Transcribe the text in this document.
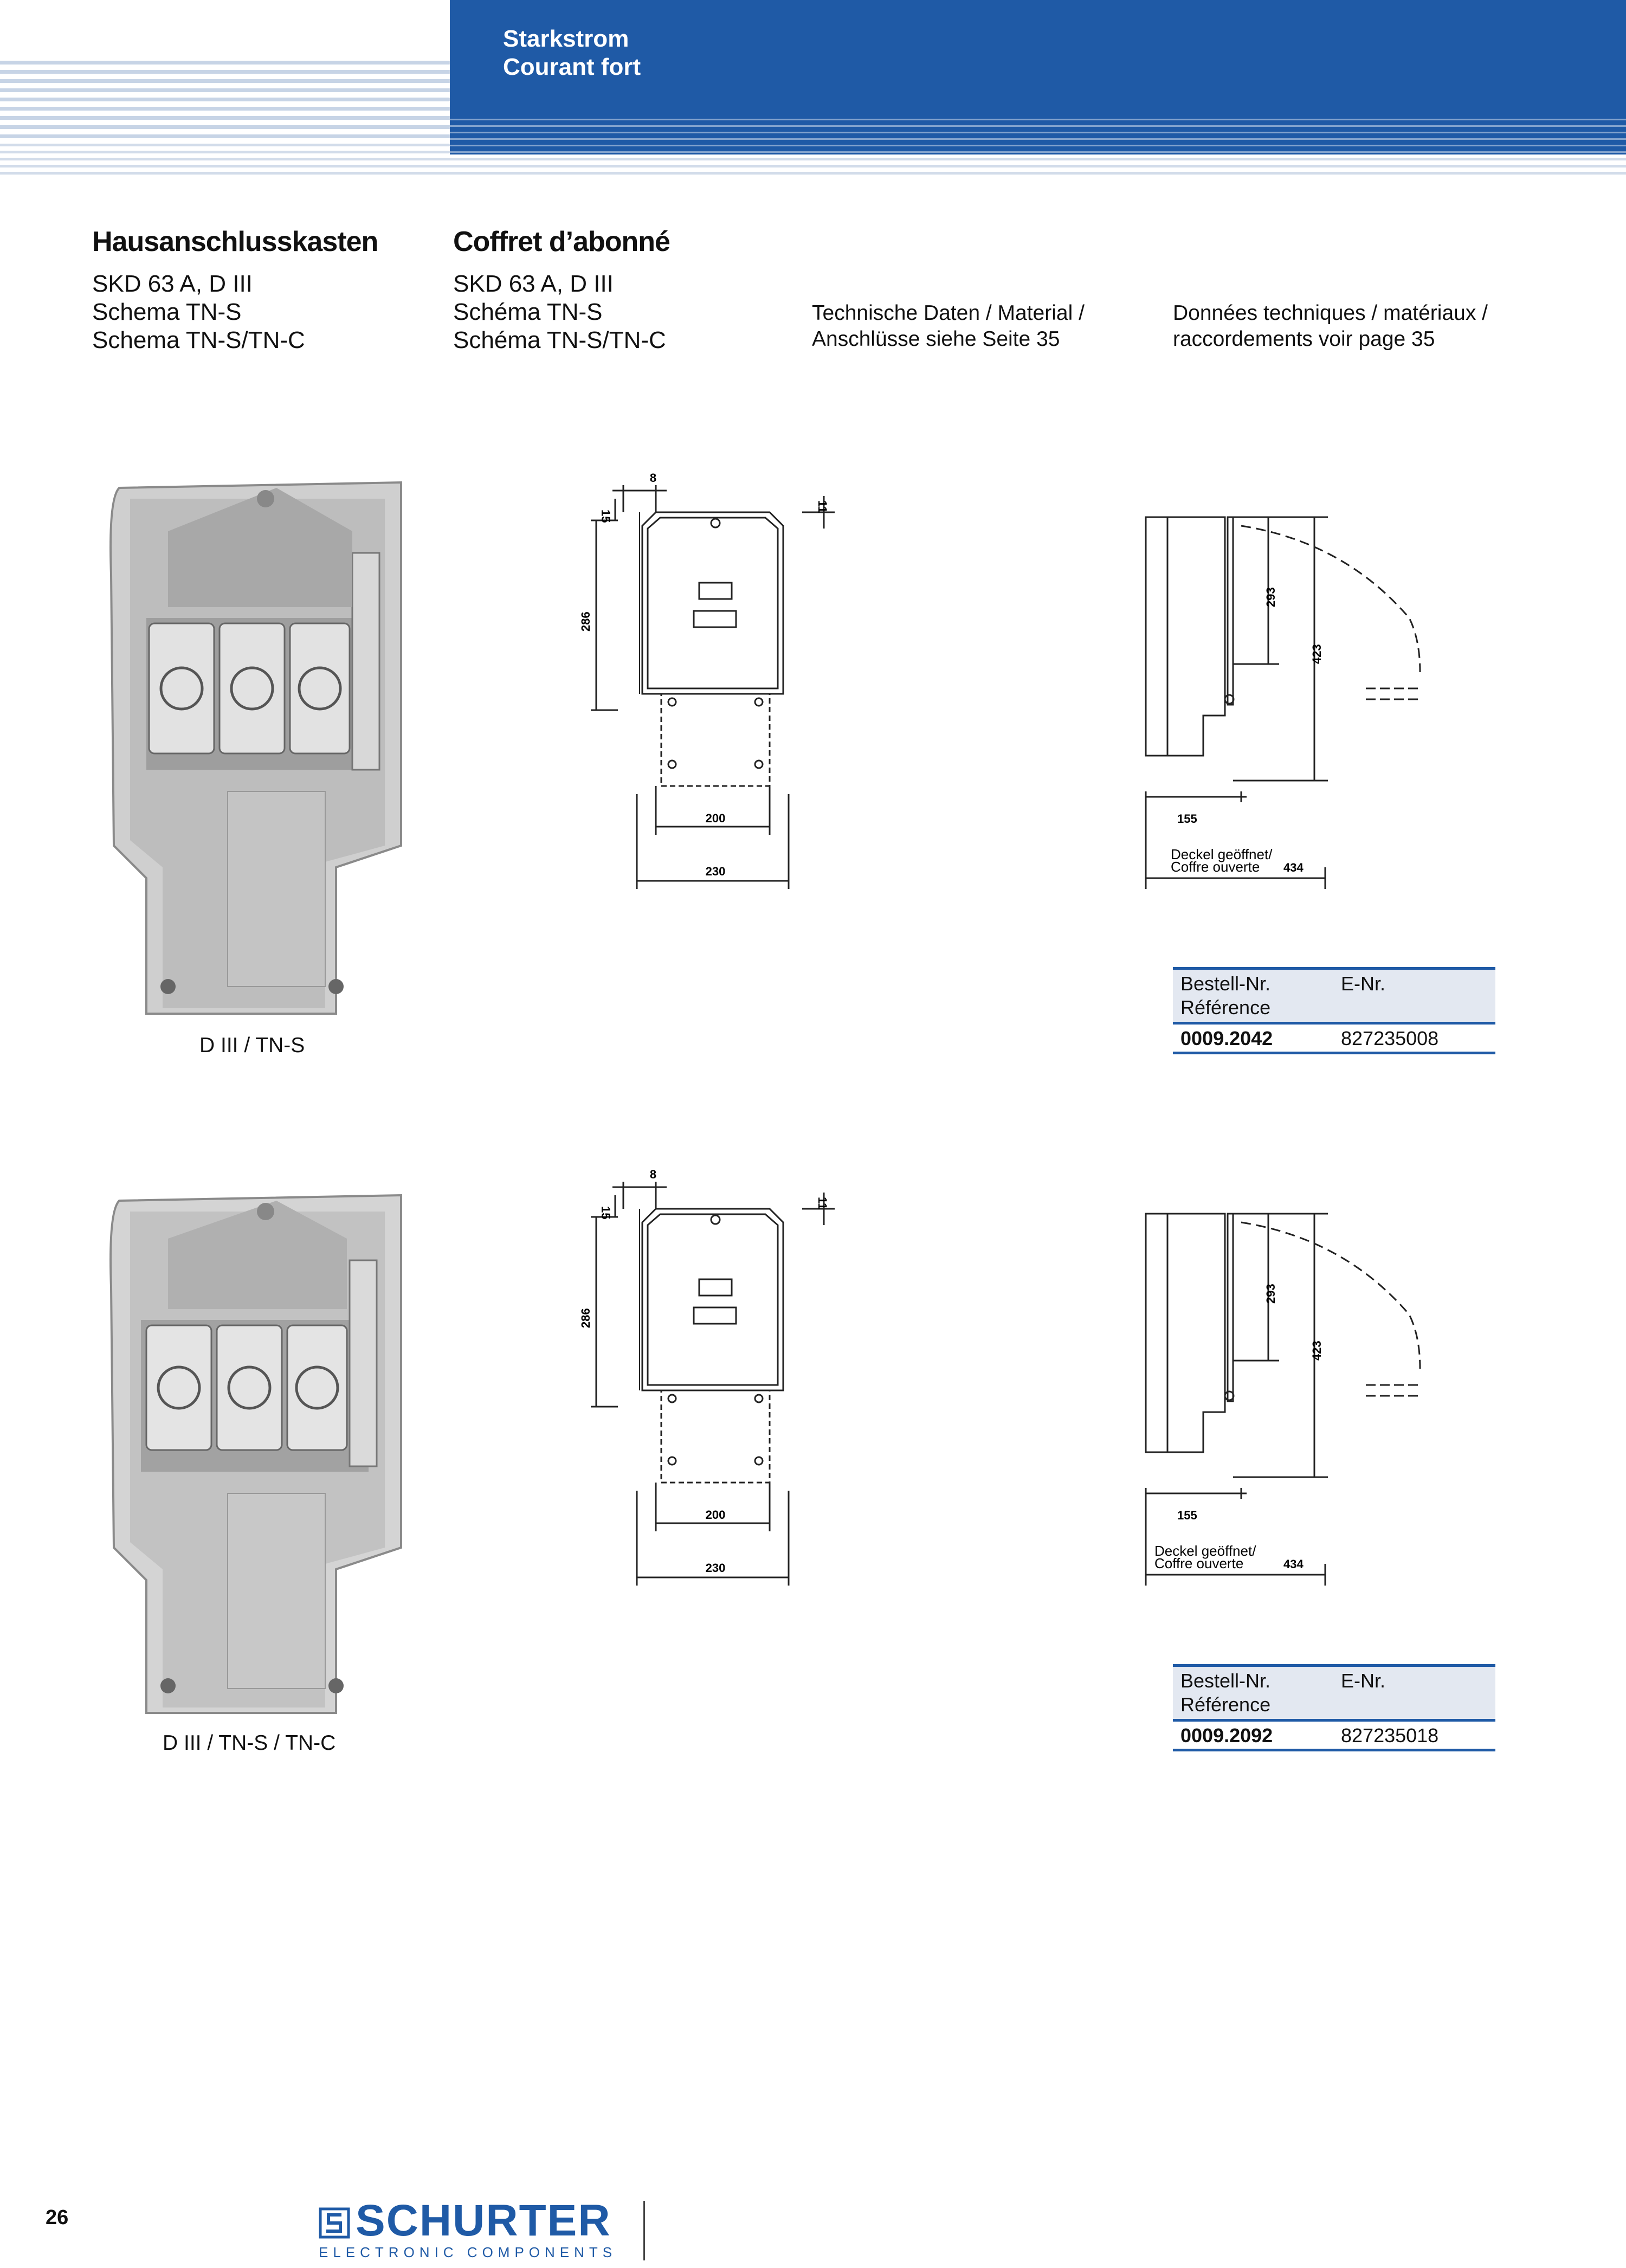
Starkstrom
Courant fort
Hausanschlusskasten	Coffret d’abonné
SKD 63 A, D III
Schema TN-S
Schema TN-S/TN-C
SKD 63 A, D III
Schéma TN-S
Schéma TN-S/TN-C
Technische Daten / Material /
Anschlüsse siehe Seite 35
Données techniques / matériaux /
raccordements voir page 35
D III / TN-S
8
15
11
286
200
230
293
423
155
Deckel geöffnet/
Coffre ouverte 434
Bestell-Nr.
Référence
E-Nr.
0009.2042	827235008
D III / TN-S / TN-C
8
15
11
286
200
230
293
423
155
Deckel geöffnet/
Coffre ouverte	434
Bestell-Nr.
Référence
E-Nr.
0009.2092	827235018
26	SCHURTER
ELECTRONIC COMPONENTS
